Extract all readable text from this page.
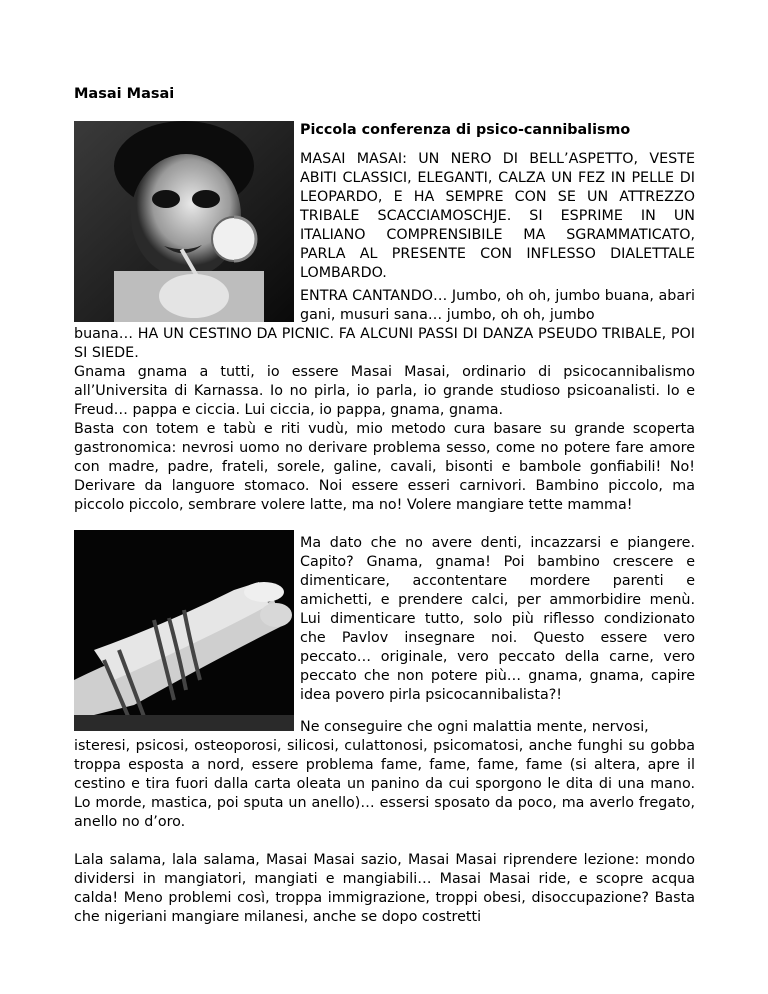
Masai Masai

Piccola conferenza di psico-cannibalismo

MASAI MASAI: UN NERO DI BELL’ASPETTO, VESTE ABITI CLASSICI, ELEGANTI, CALZA UN FEZ IN PELLE DI LEOPARDO, E HA SEMPRE CON SE UN ATTREZZO TRIBALE SCACCIAMOSCHJE. SI ESPRIME IN UN ITALIANO COMPRENSIBILE MA SGRAMMATICATO, PARLA AL PRESENTE CON INFLESSO DIALETTALE LOMBARDO.

ENTRA CANTANDO… Jumbo, oh oh, jumbo buana, abari gani, musuri sana… jumbo, oh oh, jumbo

buana… HA UN CESTINO DA PICNIC. FA ALCUNI PASSI DI DANZA PSEUDO TRIBALE, POI SI SIEDE.

Gnama gnama a tutti, io essere Masai Masai, ordinario di psicocannibalismo all’Universita di Karnassa. Io no pirla, io parla, io grande studioso psicoanalisti. Io e Freud… pappa e ciccia. Lui ciccia, io pappa, gnama, gnama.

Basta con totem e tabù e riti vudù, mio metodo cura basare su grande scoperta gastronomica: nevrosi uomo no derivare problema sesso, come no potere fare amore con madre, padre, frateli, sorele, galine, cavali, bisonti e bambole gonfiabili! No! Derivare da languore stomaco. Noi essere esseri carnivori. Bambino piccolo, ma piccolo piccolo, sembrare volere latte, ma no! Volere mangiare tette mamma!

Ma dato che no avere denti, incazzarsi e piangere. Capito? Gnama, gnama! Poi bambino crescere e dimenticare, accontentare mordere parenti e amichetti, e prendere calci, per ammorbidire menù. Lui dimenticare tutto, solo più riflesso condizionato che Pavlov insegnare noi. Questo essere vero peccato… originale, vero peccato della carne, vero peccato che non potere più… gnama, gnama, capire idea povero pirla psicocannibalista?!

Ne conseguire che ogni malattia mente, nervosi,

isteresi, psicosi, osteoporosi, silicosi, culattonosi, psicomatosi, anche funghi su gobba troppa esposta a nord, essere problema fame, fame, fame, fame (si altera, apre il cestino e tira fuori dalla carta oleata un panino da cui sporgono le dita di una mano. Lo morde, mastica, poi sputa un anello)… essersi sposato da poco, ma averlo fregato, anello no d’oro.

Lala salama, lala salama, Masai Masai sazio, Masai Masai riprendere lezione: mondo dividersi in mangiatori, mangiati e mangiabili… Masai Masai ride, e scopre acqua calda! Meno problemi così, troppa immigrazione, troppi obesi, disoccupazione? Basta che nigeriani mangiare milanesi, anche se dopo costretti
